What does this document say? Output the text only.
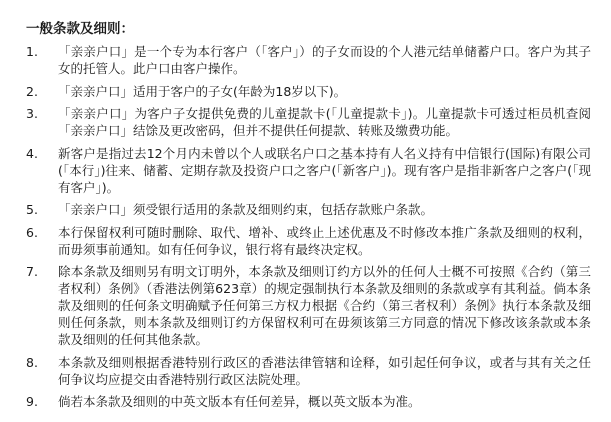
一般条款及细则：
1.	「亲亲户口」是一个专为本行客户（「客户」）的子女而设的个人港元结单储蓄户口。客户为其子女的托管人。此户口由客户操作。
2.	「亲亲户口」适用于客户的子女(年龄为18岁以下)。
3.	「亲亲户口」为客户子女提供免费的儿童提款卡(「儿童提款卡」)。儿童提款卡可透过柜员机查阅「亲亲户口」结馀及更改密码，但并不提供任何提款、转账及缴费功能。
4.	新客户是指过去12个月内未曾以个人或联名户口之基本持有人名义持有中信银行(国际)有限公司(「本行」)往来、储蓄、定期存款及投资户口之客户(「新客户」)。现有客户是指非新客户之客户(「现有客户」)。
5.	「亲亲户口」须受银行适用的条款及细则约束，包括存款账户条款。
6.	本行保留权利可随时删除、取代、增补、或终止上述优惠及不时修改本推广条款及细则的权利，而毋须事前通知。如有任何争议，银行将有最终决定权。
7.	除本条款及细则另有明文订明外，本条款及细则订约方以外的任何人士概不可按照《合约（第三者权利）条例》（香港法例第623章）的规定强制执行本条款及细则的条款或享有其利益。倘本条款及细则的任何条文明确赋予任何第三方权力根据《合约（第三者权利）条例》执行本条款及细则任何条款，则本条款及细则订约方保留权利可在毋须该第三方同意的情况下修改该条款或本条款及细则的任何其他条款。
8.	本条款及细则根据香港特别行政区的香港法律管辖和诠释，如引起任何争议，或者与其有关之任何争议均应提交由香港特别行政区法院处理。
9.	倘若本条款及细则的中英文版本有任何差异，概以英文版本为准。
